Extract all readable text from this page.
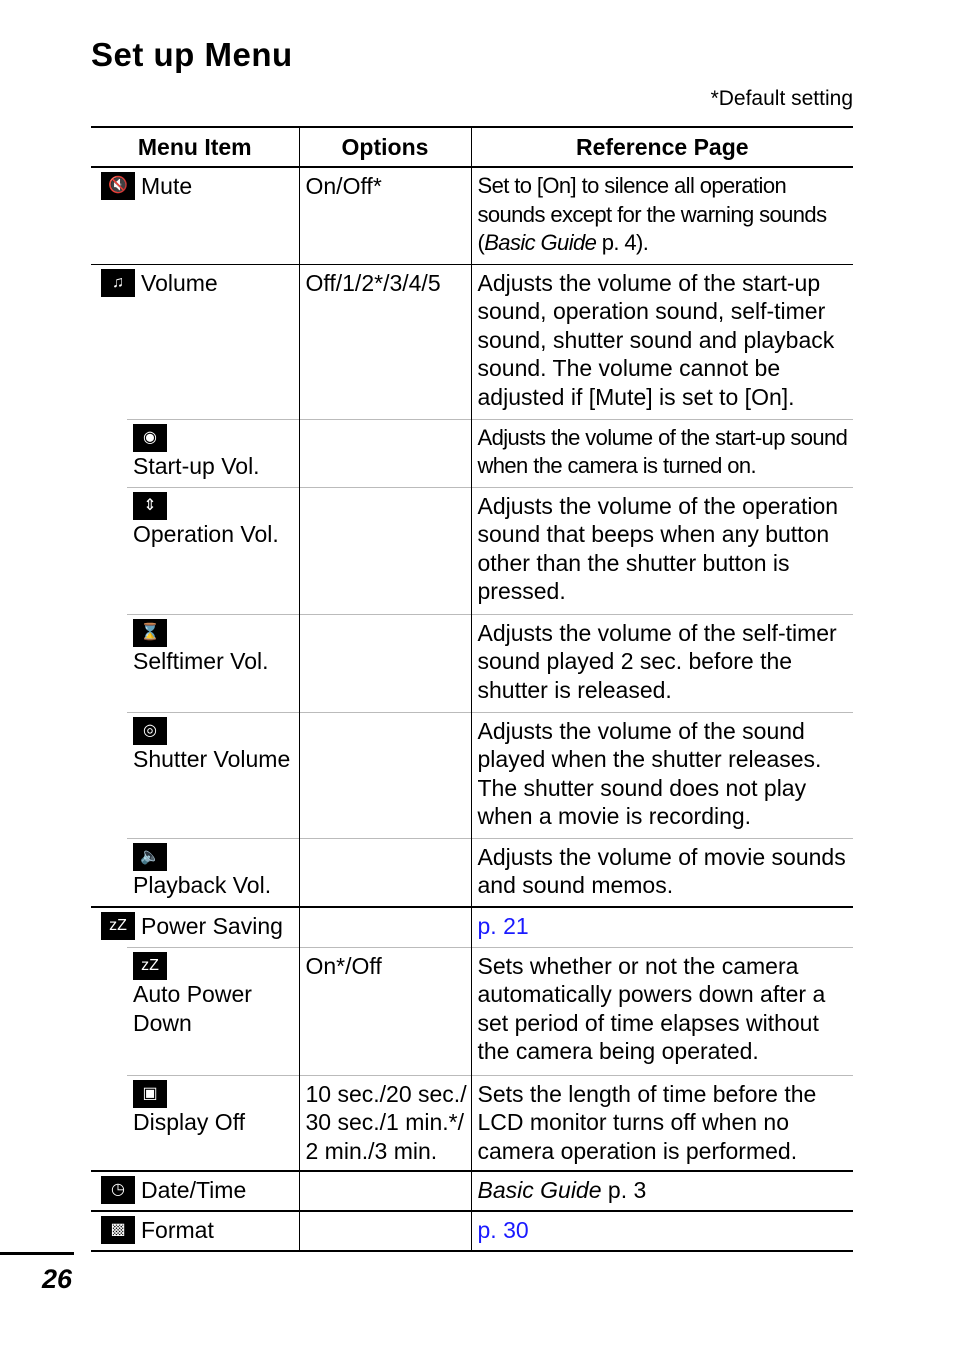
Set up Menu
*Default setting
Menu Item	Options	Reference Page
🔇 Mute	On/Off*	Set to [On] to silence all operation sounds except for the warning sounds (Basic Guide p. 4).
♫ Volume	Off/1/2*/3/4/5	Adjusts the volume of the start-up sound, operation sound, self-timer sound, shutter sound and playback sound. The volume cannot be adjusted if [Mute] is set to [On].

◉
Start-up Vol.		Adjusts the volume of the start-up sound when the camera is turned on.

⇕
Operation Vol.		Adjusts the volume of the operation sound that beeps when any button other than the shutter button is pressed.

⌛
Selftimer Vol.		Adjusts the volume of the self-timer sound played 2 sec. before the shutter is released.

◎
Shutter Volume		Adjusts the volume of the sound played when the shutter releases. The shutter sound does not play when a movie is recording.

🔈
Playback Vol.		Adjusts the volume of movie sounds and sound memos.
zZ Power Saving		p. 21

zZ
Auto Power Down	On*/Off	Sets whether or not the camera automatically powers down after a set period of time elapses without the camera being operated.

▣
Display Off	10 sec./20 sec./ 30 sec./1 min.*/ 2 min./3 min.	Sets the length of time before the LCD monitor turns off when no camera operation is performed.
◷ Date/Time		Basic Guide p. 3
▩ Format		p. 30
26
